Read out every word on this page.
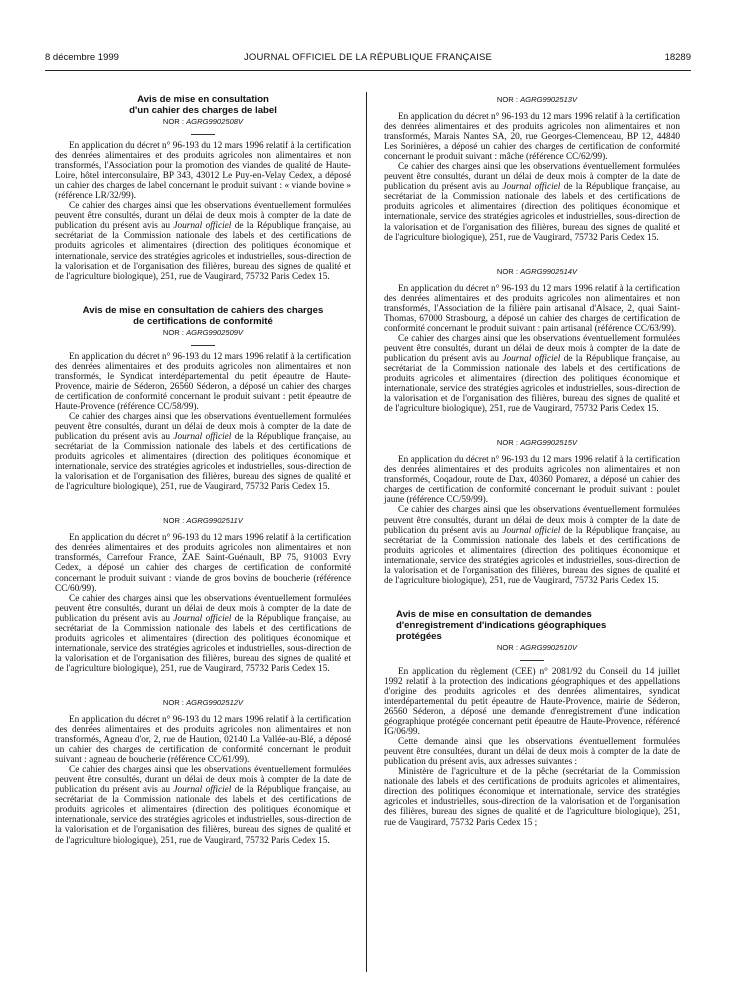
8 décembre 1999	JOURNAL OFFICIEL DE LA RÉPUBLIQUE FRANÇAISE	18289
Avis de mise en consultation
d'un cahier des charges de label
NOR : AGRG9902508V

En application du décret n° 96-193 du 12 mars 1996 relatif à la certification des denrées alimentaires et des produits agricoles non alimentaires et non transformés, l'Association pour la promotion des viandes de qualité de Haute-Loire, hôtel interconsulaire, BP 343, 43012 Le Puy-en-Velay Cedex, a déposé un cahier des charges de label concernant le produit suivant : « viande bovine » (référence LR/32/99).

Ce cahier des charges ainsi que les observations éventuellement formulées peuvent être consultés, durant un délai de deux mois à compter de la date de publication du présent avis au Journal officiel de la République française, au secrétariat de la Commission nationale des labels et des certifications de produits agricoles et alimentaires (direction des politiques économique et internationale, service des stratégies agricoles et industrielles, sous-direction de la valorisation et de l'organisation des filières, bureau des signes de qualité et de l'agriculture biologique), 251, rue de Vaugirard, 75732 Paris Cedex 15.

Avis de mise en consultation de cahiers des charges
de certifications de conformité
NOR : AGRG9902509V

En application du décret n° 96-193 du 12 mars 1996 relatif à la certification des denrées alimentaires et des produits agricoles non alimentaires et non transformés, le Syndicat interdépartemental du petit épeautre de Haute-Provence, mairie de Séderon, 26560 Séderon, a déposé un cahier des charges de certification de conformité concernant le produit suivant : petit épeautre de Haute-Provence (référence CC/58/99).

Ce cahier des charges ainsi que les observations éventuellement formulées peuvent être consultés, durant un délai de deux mois à compter de la date de publication du présent avis au Journal officiel de la République française, au secrétariat de la Commission nationale des labels et des certifications de produits agricoles et alimentaires (direction des politiques économique et internationale, service des stratégies agricoles et industrielles, sous-direction de la valorisation et de l'organisation des filières, bureau des signes de qualité et de l'agriculture biologique), 251, rue de Vaugirard, 75732 Paris Cedex 15.

NOR : AGRG9902511V

En application du décret n° 96-193 du 12 mars 1996 relatif à la certification des denrées alimentaires et des produits agricoles non alimentaires et non transformés, Carrefour France, ZAE Saint-Guénault, BP 75, 91003 Evry Cedex, a déposé un cahier des charges de certification de conformité concernant le produit suivant : viande de gros bovins de boucherie (référence CC/60/99).

Ce cahier des charges ainsi que les observations éventuellement formulées peuvent être consultés, durant un délai de deux mois à compter de la date de publication du présent avis au Journal officiel de la République française, au secrétariat de la Commission nationale des labels et des certifications de produits agricoles et alimentaires (direction des politiques économique et internationale, service des stratégies agricoles et industrielles, sous-direction de la valorisation et de l'organisation des filières, bureau des signes de qualité et de l'agriculture biologique), 251, rue de Vaugirard, 75732 Paris Cedex 15.

NOR : AGRG9902512V

En application du décret n° 96-193 du 12 mars 1996 relatif à la certification des denrées alimentaires et des produits agricoles non alimentaires et non transformés, Agneau d'or, 2, rue de Haution, 02140 La Vallée-au-Blé, a déposé un cahier des charges de certification de conformité concernant le produit suivant : agneau de boucherie (référence CC/61/99).

Ce cahier des charges ainsi que les observations éventuellement formulées peuvent être consultés, durant un délai de deux mois à compter de la date de publication du présent avis au Journal officiel de la République française, au secrétariat de la Commission nationale des labels et des certifications de produits agricoles et alimentaires (direction des politiques économique et internationale, service des stratégies agricoles et industrielles, sous-direction de la valorisation et de l'organisation des filières, bureau des signes de qualité et de l'agriculture biologique), 251, rue de Vaugirard, 75732 Paris Cedex 15.

NOR : AGRG9902513V

En application du décret n° 96-193 du 12 mars 1996 relatif à la certification des denrées alimentaires et des produits agricoles non alimentaires et non transformés, Marais Nantes SA, 20, rue Georges-Clemenceau, BP 12, 44840 Les Sorinières, a déposé un cahier des charges de certification de conformité concernant le produit suivant : mâche (référence CC/62/99).

Ce cahier des charges ainsi que les observations éventuellement formulées peuvent être consultés, durant un délai de deux mois à compter de la date de publication du présent avis au Journal officiel de la République française, au secrétariat de la Commission nationale des labels et des certifications de produits agricoles et alimentaires (direction des politiques économique et internationale, service des stratégies agricoles et industrielles, sous-direction de la valorisation et de l'organisation des filières, bureau des signes de qualité et de l'agriculture biologique), 251, rue de Vaugirard, 75732 Paris Cedex 15.

NOR : AGRG9902514V

En application du décret n° 96-193 du 12 mars 1996 relatif à la certification des denrées alimentaires et des produits agricoles non alimentaires et non transformés, l'Association de la filière pain artisanal d'Alsace, 2, quai Saint-Thomas, 67000 Strasbourg, a déposé un cahier des charges de certification de conformité concernant le produit suivant : pain artisanal (référence CC/63/99).

Ce cahier des charges ainsi que les observations éventuellement formulées peuvent être consultés, durant un délai de deux mois à compter de la date de publication du présent avis au Journal officiel de la République française, au secrétariat de la Commission nationale des labels et des certifications de produits agricoles et alimentaires (direction des politiques économique et internationale, service des stratégies agricoles et industrielles, sous-direction de la valorisation et de l'organisation des filières, bureau des signes de qualité et de l'agriculture biologique), 251, rue de Vaugirard, 75732 Paris Cedex 15.

NOR : AGRG9902515V

En application du décret n° 96-193 du 12 mars 1996 relatif à la certification des denrées alimentaires et des produits agricoles non alimentaires et non transformés, Coqadour, route de Dax, 40360 Pomarez, a déposé un cahier des charges de certification de conformité concernant le produit suivant : poulet jaune (référence CC/59/99).

Ce cahier des charges ainsi que les observations éventuellement formulées peuvent être consultés, durant un délai de deux mois à compter de la date de publication du présent avis au Journal officiel de la République française, au secrétariat de la Commission nationale des labels et des certifications de produits agricoles et alimentaires (direction des politiques économique et internationale, service des stratégies agricoles et industrielles, sous-direction de la valorisation et de l'organisation des filières, bureau des signes de qualité et de l'agriculture biologique), 251, rue de Vaugirard, 75732 Paris Cedex 15.

Avis de mise en consultation de demandes
d'enregistrement d'indications géographiques
protégées
NOR : AGRG9902510V

En application du règlement (CEE) n° 2081/92 du Conseil du 14 juillet 1992 relatif à la protection des indications géographiques et des appellations d'origine des produits agricoles et des denrées alimentaires, syndicat interdépartemental du petit épeautre de Haute-Provence, mairie de Séderon, 26560 Séderon, a déposé une demande d'enregistrement d'une indication géographique protégée concernant petit épeautre de Haute-Provence, référencé IG/06/99.

Cette demande ainsi que les observations éventuellement formulées peuvent être consultées, durant un délai de deux mois à compter de la date de publication du présent avis, aux adresses suivantes :

Ministère de l'agriculture et de la pêche (secrétariat de la Commission nationale des labels et des certifications de produits agricoles et alimentaires, direction des politiques économique et internationale, service des stratégies agricoles et industrielles, sous-direction de la valorisation et de l'organisation des filières, bureau des signes de qualité et de l'agriculture biologique), 251, rue de Vaugirard, 75732 Paris Cedex 15 ;
